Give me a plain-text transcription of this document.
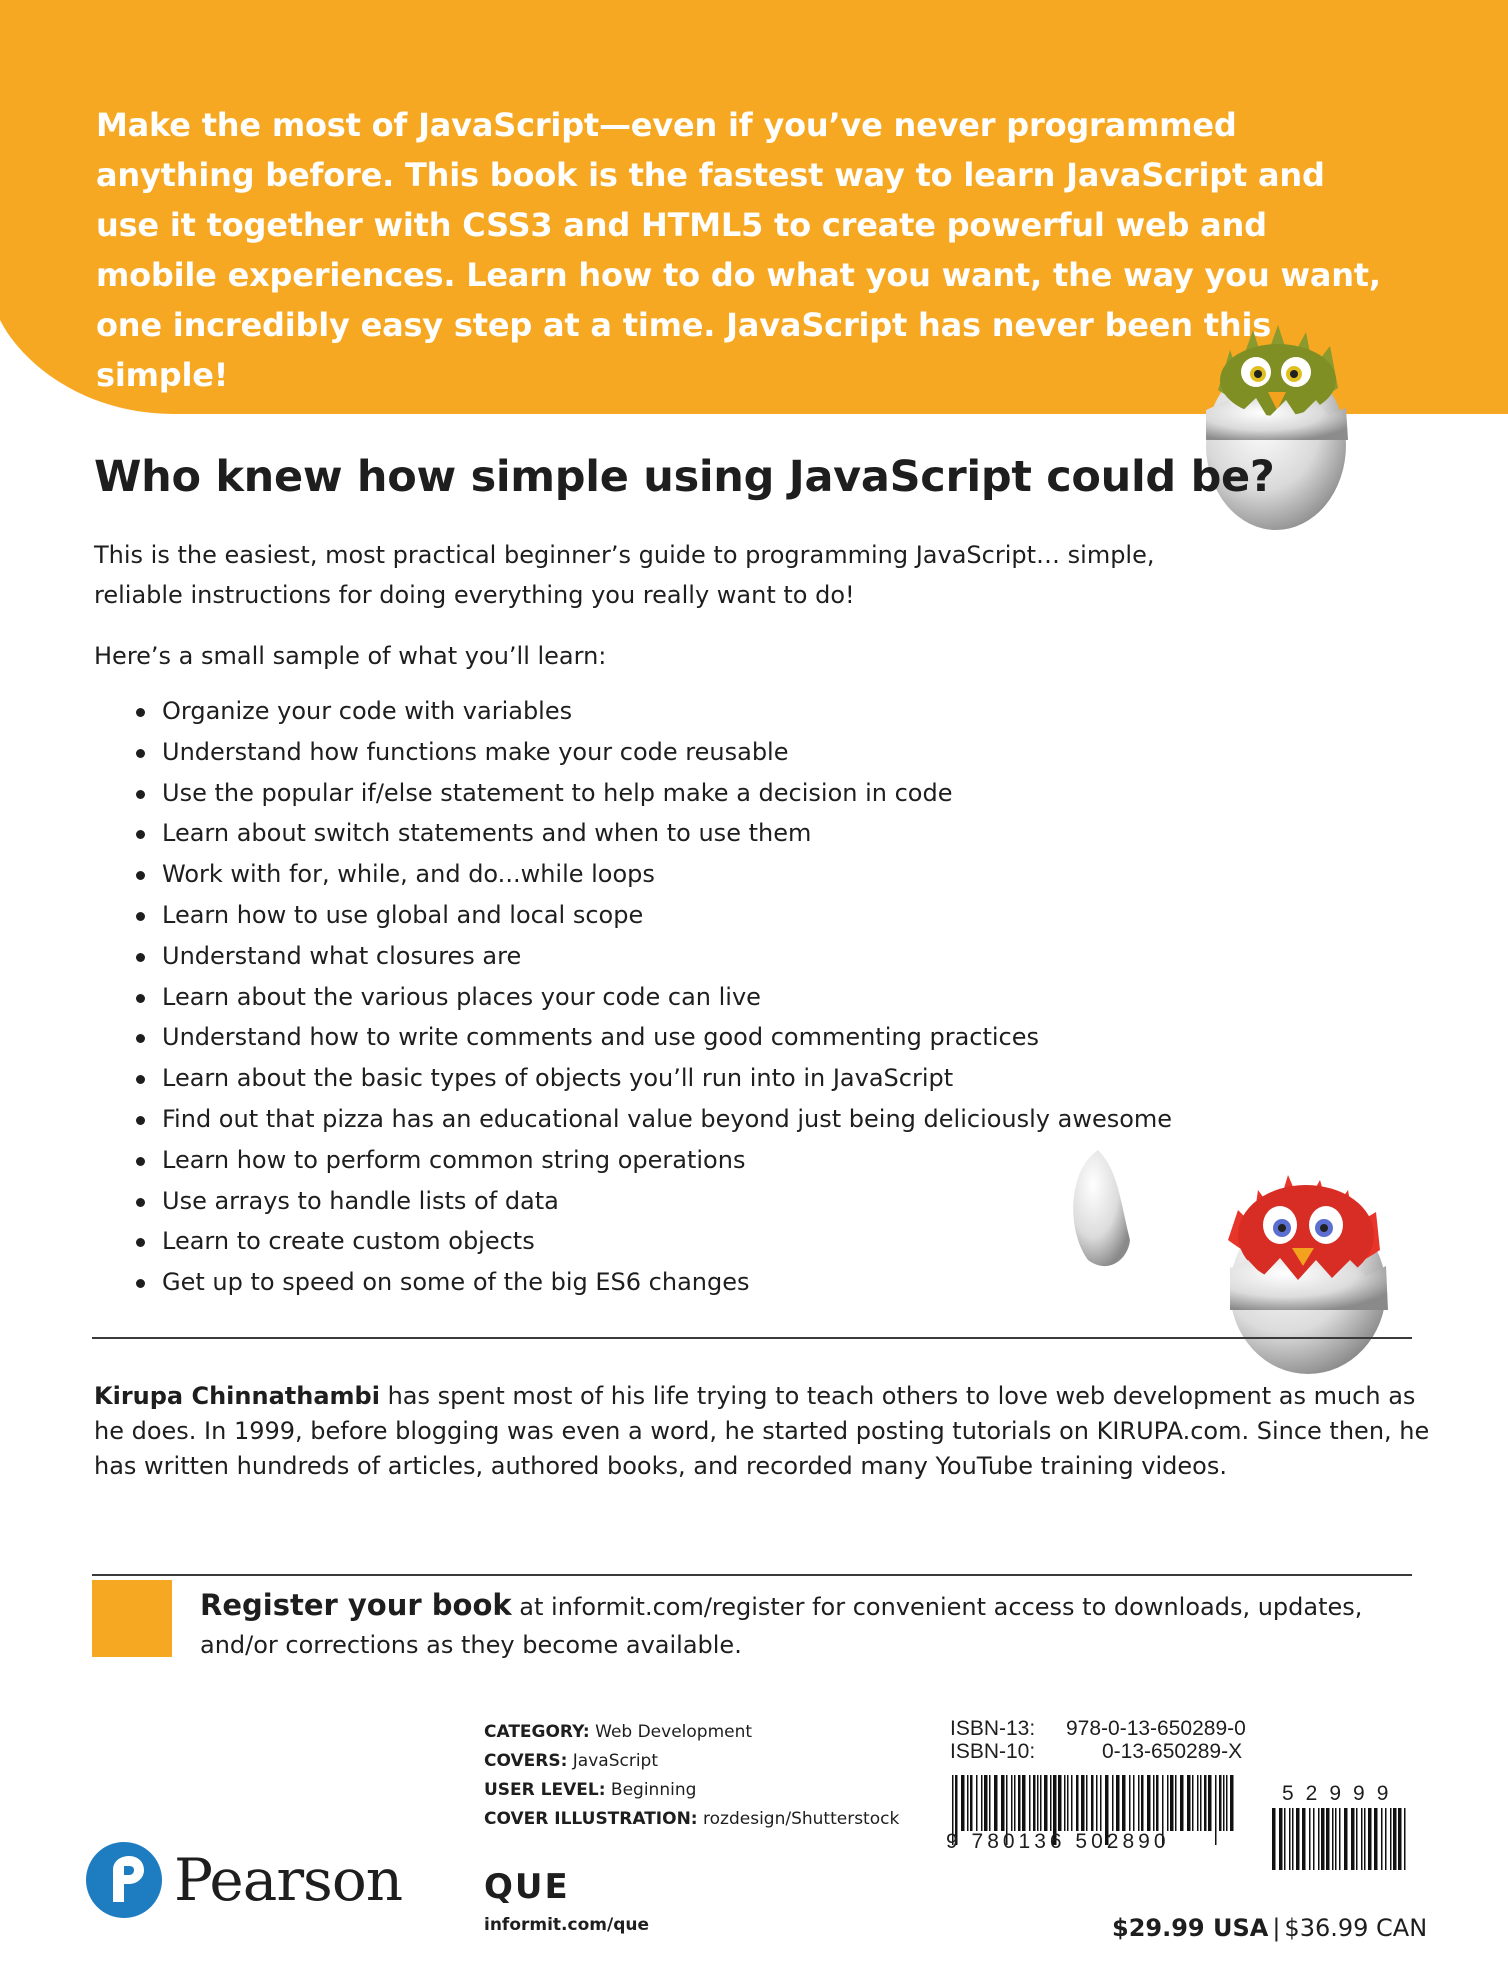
Make the most of JavaScript—even if you’ve never programmed anything before. This book is the fastest way to learn JavaScript and use it together with CSS3 and HTML5 to create powerful web and mobile experiences. Learn how to do what you want, the way you want, one incredibly easy step at a time. JavaScript has never been this simple!

Who knew how simple using JavaScript could be?

This is the easiest, most practical beginner’s guide to programming JavaScript… simple, reliable instructions for doing everything you really want to do!

Here’s a small sample of what you’ll learn:

Organize your code with variables
Understand how functions make your code reusable
Use the popular if/else statement to help make a decision in code
Learn about switch statements and when to use them
Work with for, while, and do...while loops
Learn how to use global and local scope
Understand what closures are
Learn about the various places your code can live
Understand how to write comments and use good commenting practices
Learn about the basic types of objects you’ll run into in JavaScript
Find out that pizza has an educational value beyond just being deliciously awesome
Learn how to perform common string operations
Use arrays to handle lists of data
Learn to create custom objects
Get up to speed on some of the big ES6 changes

Kirupa Chinnathambi has spent most of his life trying to teach others to love web development as much as he does. In 1999, before blogging was even a word, he started posting tutorials on KIRUPA.com. Since then, he has written hundreds of articles, authored books, and recorded many YouTube training videos.

Register your book at informit.com/register for convenient access to downloads, updates, and/or corrections as they become available.

CATEGORY: Web Development
COVERS: JavaScript
USER LEVEL: Beginning
COVER ILLUSTRATION: rozdesign/Shutterstock
ISBN-13:	978-0-13-650289-0
ISBN-10:	0-13-650289-X
9 780136 502890
52999
Pearson QUE
informit.com/que	$29.99 USA | $36.99 CAN
